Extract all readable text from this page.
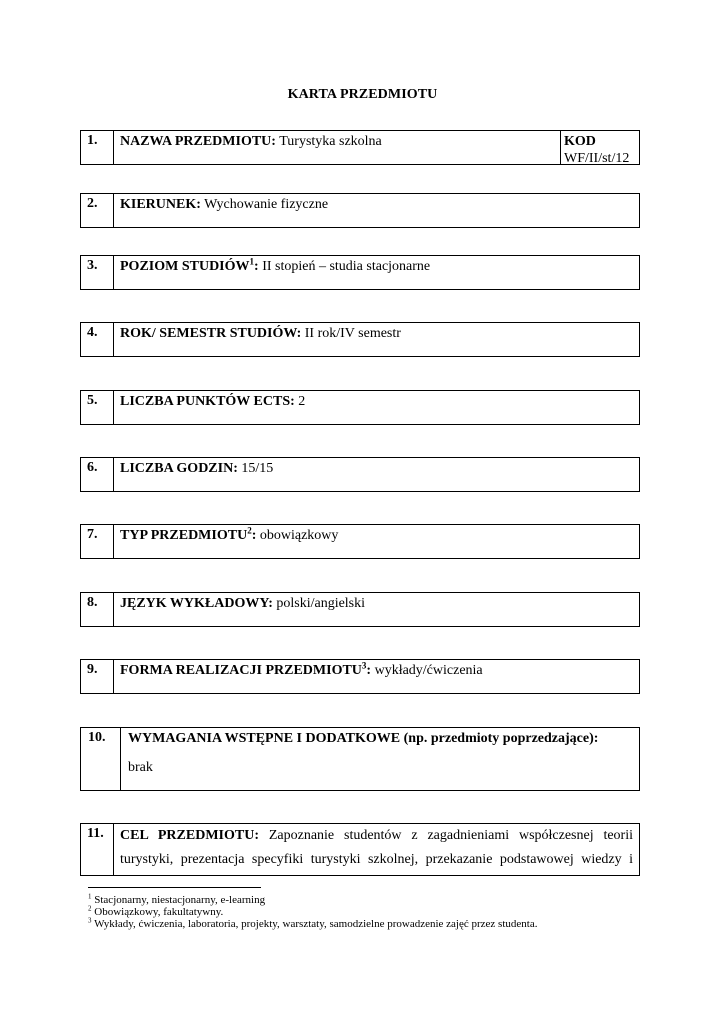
KARTA PRZEDMIOTU
1.	NAZWA PRZEDMIOTU: Turystyka szkolna	KOD
WF/II/st/12
2.	KIERUNEK: Wychowanie fizyczne
3.	POZIOM STUDIÓW$^1$: II stopień – studia stacjonarne
4.	ROK/ SEMESTR STUDIÓW: II rok/IV semestr
5.	LICZBA PUNKTÓW ECTS: 2
6.	LICZBA GODZIN: 15/15
7.	TYP PRZEDMIOTU$^2$: obowiązkowy
8.	JĘZYK WYKŁADOWY: polski/angielski
9.	FORMA REALIZACJI PRZEDMIOTU$^3$: wykłady/ćwiczenia
10.	WYMAGANIA WSTĘPNE I DODATKOWE (np. przedmioty poprzedzające):
brak
11.	CEL PRZEDMIOTU: Zapoznanie studentów z zagadnieniami współczesnej teorii
turystyki, prezentacja specyfiki turystyki szkolnej, przekazanie podstawowej wiedzy i
$^1$ Stacjonarny, niestacjonarny, e-learning
$^2$ Obowiązkowy, fakultatywny.
$^3$ Wykłady, ćwiczenia, laboratoria, projekty, warsztaty, samodzielne prowadzenie zajęć przez studenta.
